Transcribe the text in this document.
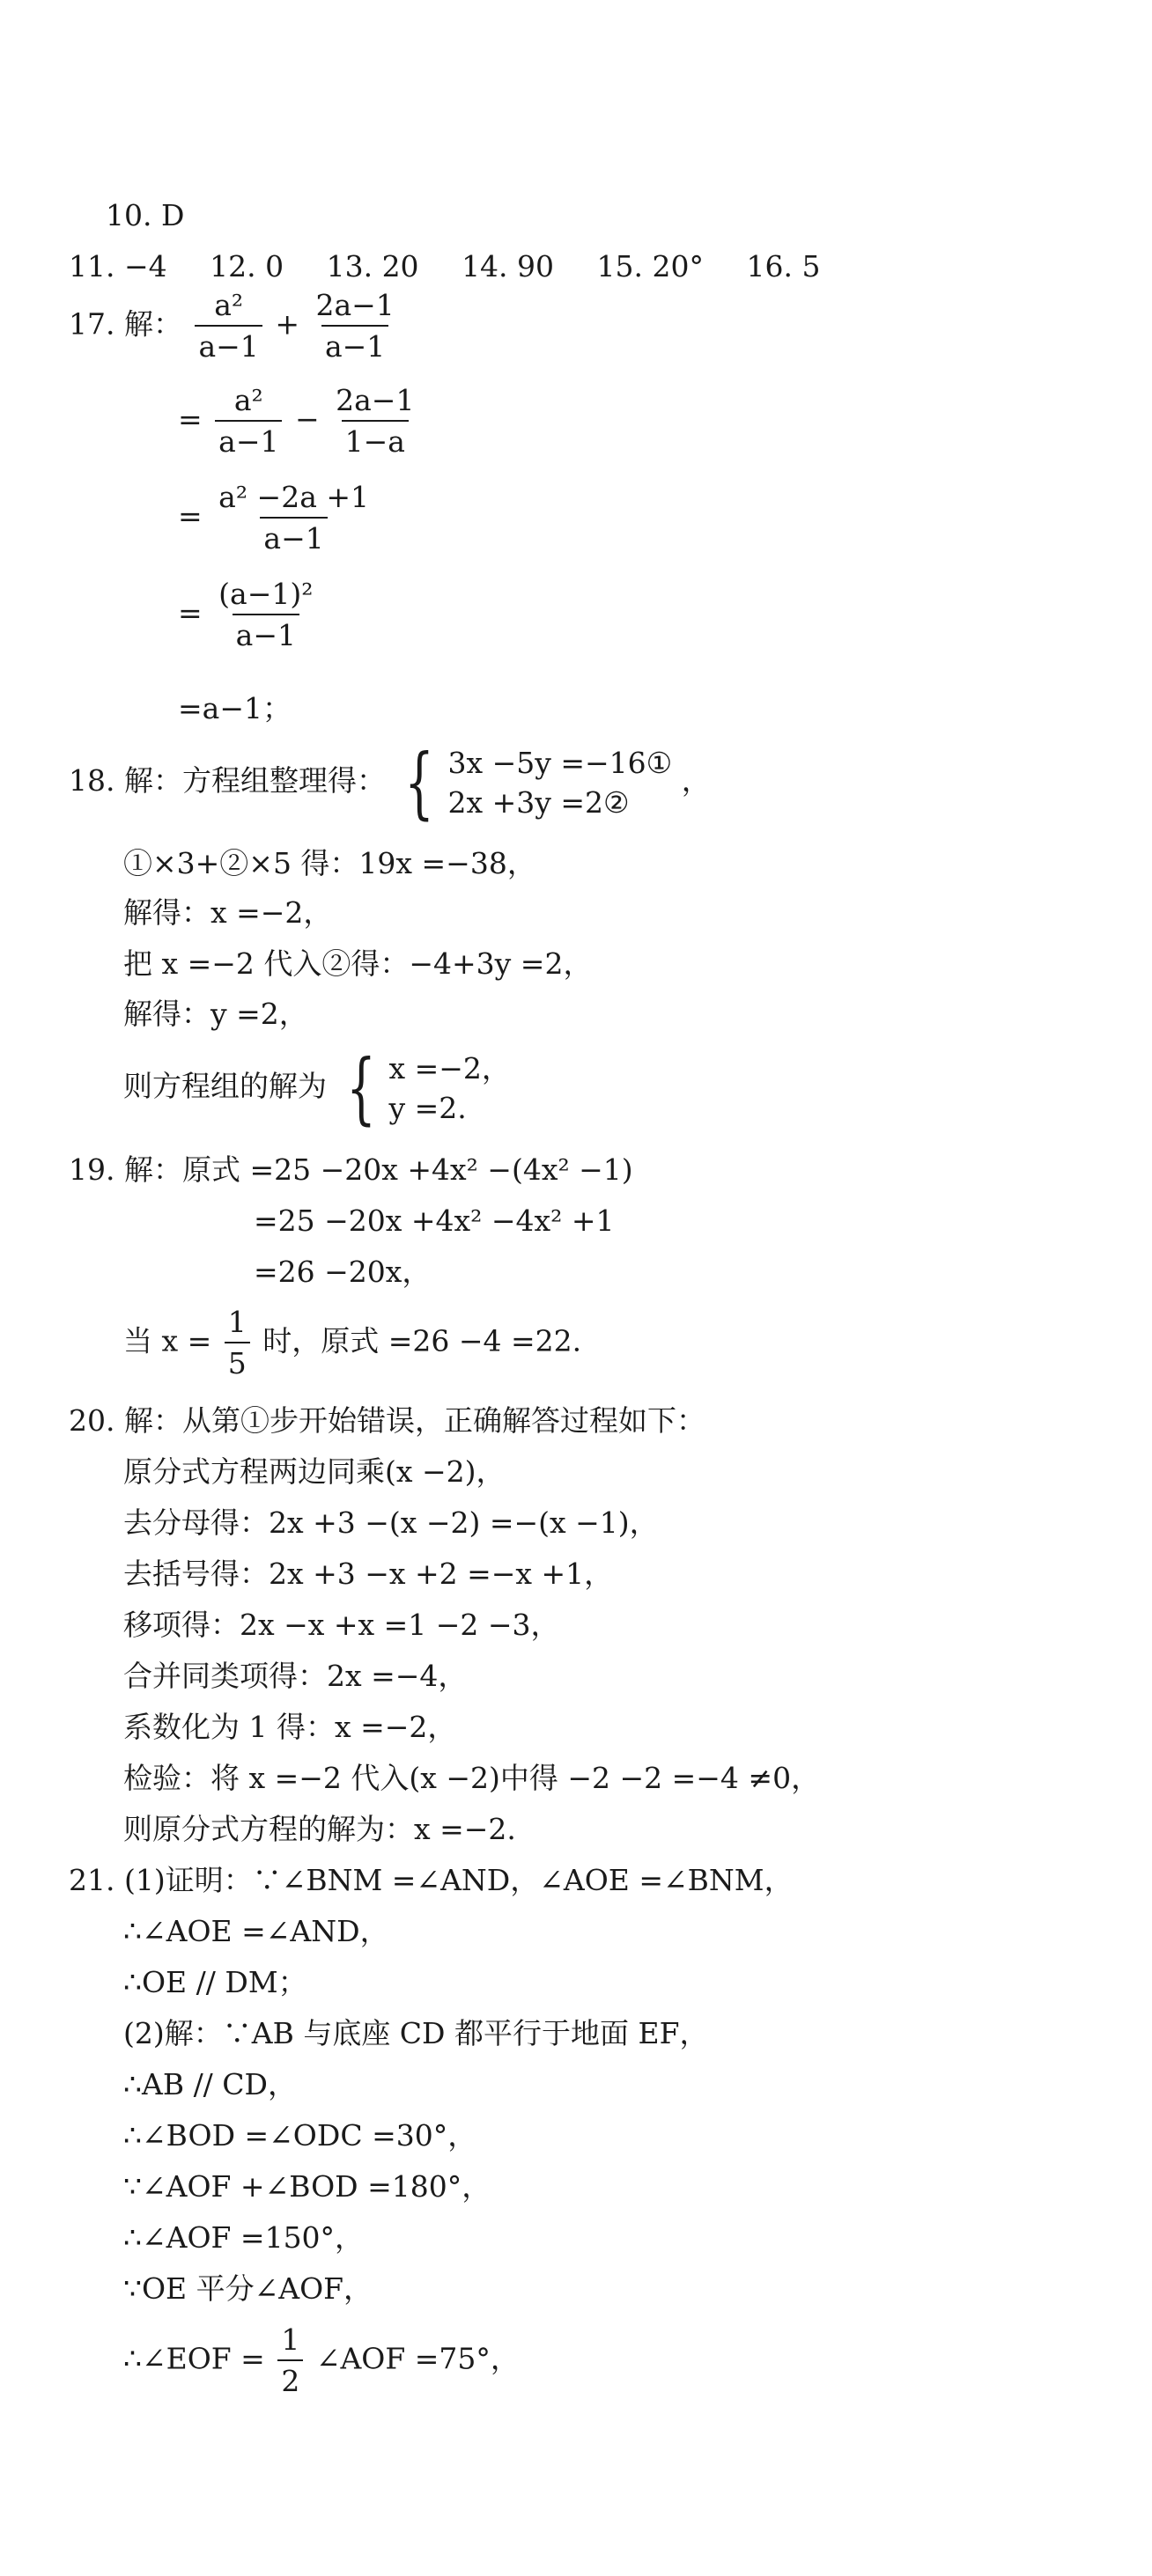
10. D
11. −4 12. 0 13. 20 14. 90 15. 20° 16. 5
17. 解： $\frac{\text{a²}}{a-1} + \frac{2a-1}{a-1}$
= $\frac{\text{a²}}{a-1} - \frac{2a-1}{1-a}$
= $\frac{\text{a² −2a +1}}{a-1}$
= $\frac{\text{(a−1)²}}{a-1}$
=a−1；
18. 解：方程组整理得： { 3x −5y =−16①
2x +3y =2②
，
①×3+②×5 得：19x =−38，
解得：x =−2，
把 x =−2 代入②得：−4+3y =2，
解得：y =2，
则方程组的解为 { x =−2，
y =2.
19. 解：原式 =25 −20x +4x² −(4x² −1)
=25 −20x +4x² −4x² +1
=26 −20x，
当 $x = \frac{1}{5}$ 时，原式 =26 −4 =22.
20. 解：从第①步开始错误，正确解答过程如下：
原分式方程两边同乘(x −2)，
去分母得：2x +3 −(x −2) =−(x −1)，
去括号得：2x +3 −x +2 =−x +1，
移项得：2x −x +x =1 −2 −3，
合并同类项得：2x =−4，
系数化为 1 得：x =−2，
检验：将 x =−2 代入(x −2)中得 −2 −2 =−4 ≠0，
则原分式方程的解为：x =−2.
21. (1)证明：∵∠BNM =∠AND，∠AOE =∠BNM，
∴∠AOE =∠AND，
∴OE // DM；
(2)解：∵AB 与底座 CD 都平行于地面 EF，
∴AB // CD，
∴∠BOD =∠ODC =30°，
∵∠AOF +∠BOD =180°，
∴∠AOF =150°，
∵OE 平分∠AOF，
∴∠EOF = $\frac{1}{2}$ ∠AOF =75°，
